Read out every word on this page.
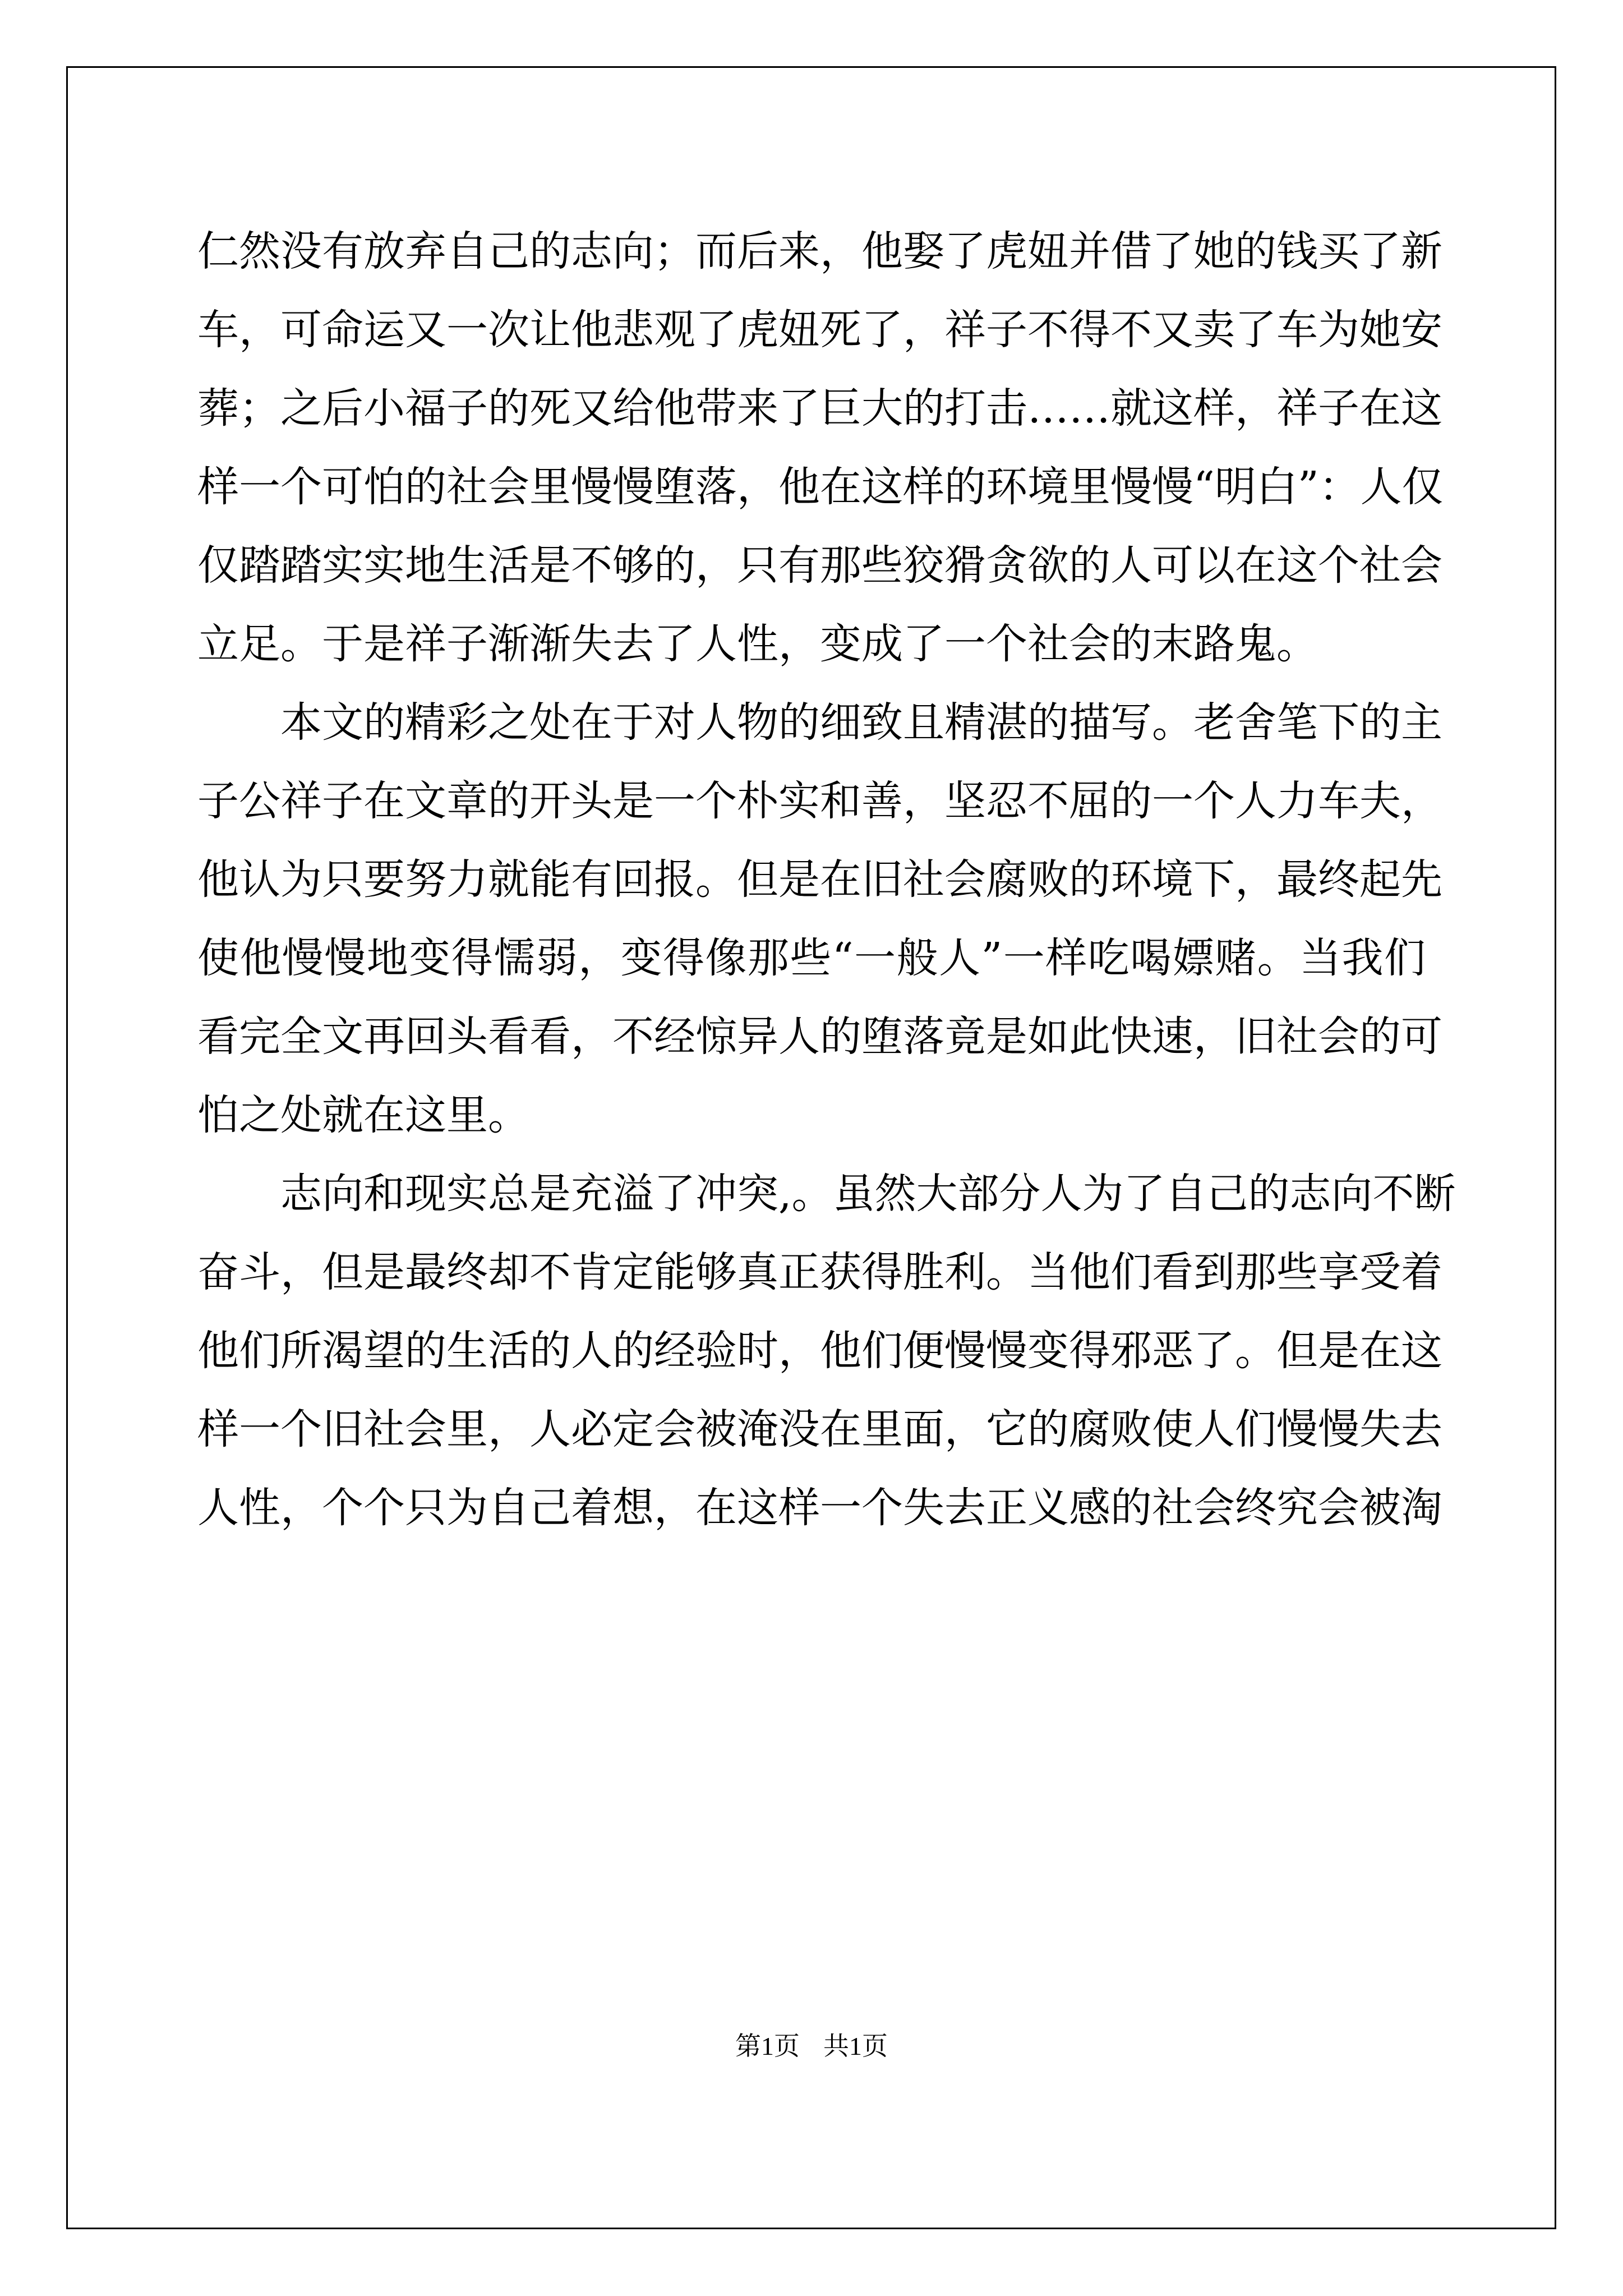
仁然没有放弃自己的志向；而后来，他娶了虎妞并借了她的钱买了新
车，可命运又一次让他悲观了虎妞死了，祥子不得不又卖了车为她安
葬；之后小福子的死又给他带来了巨大的打击……就这样，祥子在这
样一个可怕的社会里慢慢堕落，他在这样的环境里慢慢“明白”：人仅
仅踏踏实实地生活是不够的，只有那些狡猾贪欲的人可以在这个社会
立足。于是祥子渐渐失去了人性，变成了一个社会的末路鬼。
本文的精彩之处在于对人物的细致且精湛的描写。老舍笔下的主
子公祥子在文章的开头是一个朴实和善，坚忍不屈的一个人力车夫，
他认为只要努力就能有回报。但是在旧社会腐败的环境下，最终起先
使他慢慢地变得懦弱，变得像那些“一般人”一样吃喝嫖赌。当我们
看完全文再回头看看，不经惊异人的堕落竟是如此快速，旧社会的可
怕之处就在这里。
志向和现实总是充溢了冲突,。虽然大部分人为了自己的志向不断
奋斗，但是最终却不肯定能够真正获得胜利。当他们看到那些享受着
他们所渴望的生活的人的经验时，他们便慢慢变得邪恶了。但是在这
样一个旧社会里，人必定会被淹没在里面，它的腐败使人们慢慢失去
人性，个个只为自己着想，在这样一个失去正义感的社会终究会被淘
第1页 共1页
